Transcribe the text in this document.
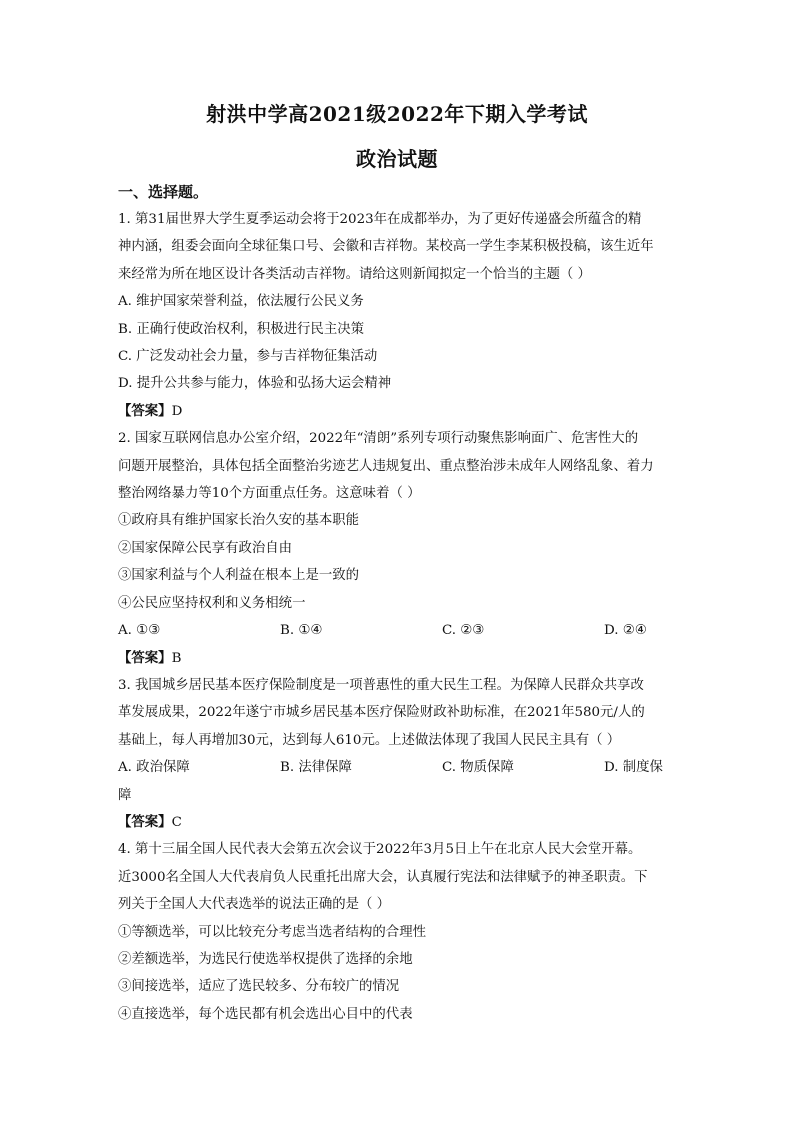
射洪中学高2021级2022年下期入学考试
政治试题
一、选择题。

1. 第31届世界大学生夏季运动会将于2023年在成都举办，为了更好传递盛会所蕴含的精

神内涵，组委会面向全球征集口号、会徽和吉祥物。某校高一学生李某积极投稿，该生近年

来经常为所在地区设计各类活动吉祥物。请给这则新闻拟定一个恰当的主题（ ）

A. 维护国家荣誉利益，依法履行公民义务

B. 正确行使政治权利，积极进行民主决策

C. 广泛发动社会力量，参与吉祥物征集活动

D. 提升公共参与能力，体验和弘扬大运会精神

【答案】D

2. 国家互联网信息办公室介绍，2022年“清朗”系列专项行动聚焦影响面广、危害性大的

问题开展整治，具体包括全面整治劣迹艺人违规复出、重点整治涉未成年人网络乱象、着力

整治网络暴力等10个方面重点任务。这意味着（ ）

①政府具有维护国家长治久安的基本职能

②国家保障公民享有政治自由

③国家利益与个人利益在根本上是一致的

④公民应坚持权利和义务相统一

A. ①③	B. ①④	C. ②③	D. ②④

【答案】B

3. 我国城乡居民基本医疗保险制度是一项普惠性的重大民生工程。为保障人民群众共享改

革发展成果，2022年遂宁市城乡居民基本医疗保险财政补助标准，在2021年580元/人的

基础上，每人再增加30元，达到每人610元。上述做法体现了我国人民民主具有（ ）

A. 政治保障	B. 法律保障	C. 物质保障	D. 制度保

障

【答案】C

4. 第十三届全国人民代表大会第五次会议于2022年3月5日上午在北京人民大会堂开幕。

近3000名全国人大代表肩负人民重托出席大会，认真履行宪法和法律赋予的神圣职责。下

列关于全国人大代表选举的说法正确的是（ ）

①等额选举，可以比较充分考虑当选者结构的合理性

②差额选举，为选民行使选举权提供了选择的余地

③间接选举，适应了选民较多、分布较广的情况

④直接选举，每个选民都有机会选出心目中的代表
